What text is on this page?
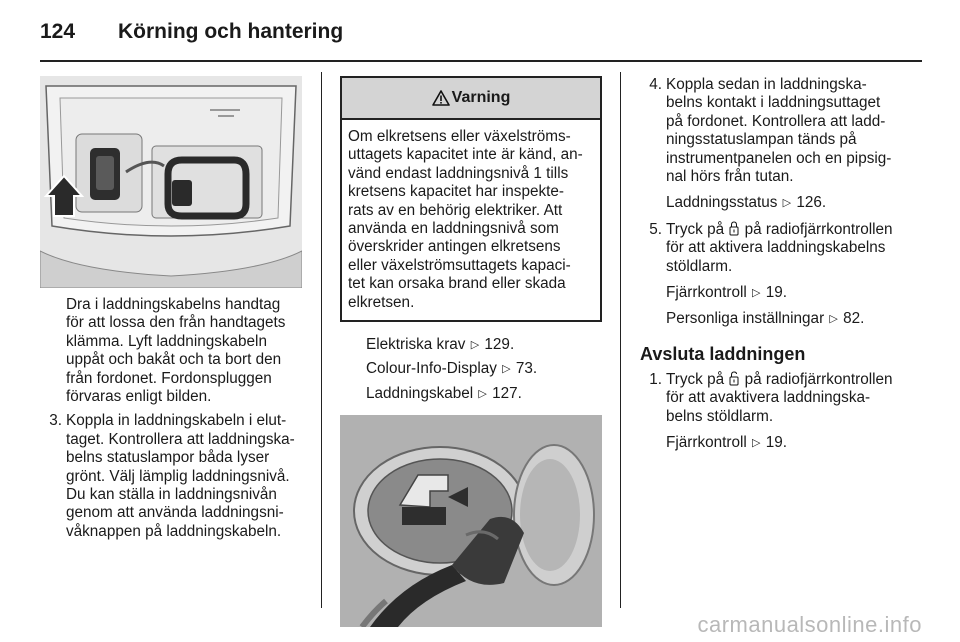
124	Körning och hantering
Dra i laddningskabelns handtag
för att lossa den från handtagets
klämma. Lyft laddningskabeln
uppåt och bakåt och ta bort den
från fordonet. Fordonspluggen
förvaras enligt bilden.
3. Koppla in laddningskabeln i elut-
taget. Kontrollera att laddningska-
belns statuslampor båda lyser
grönt. Välj lämplig laddningsnivå.
Du kan ställa in laddningsnivån
genom att använda laddningsni-
våknappen på laddningskabeln.
Varning
Om elkretsens eller växelströms-
uttagets kapacitet inte är känd, an-
vänd endast laddningsnivå 1 tills
kretsens kapacitet har inspekte-
rats av en behörig elektriker. Att
använda en laddningsnivå som
överskrider antingen elkretsens
eller växelströmsuttagets kapaci-
tet kan orsaka brand eller skada
elkretsen.
Elektriska krav ▷ 129.
Colour-Info-Display ▷ 73.
Laddningskabel ▷ 127.
4. Koppla sedan in laddningska-
belns kontakt i laddningsuttaget
på fordonet. Kontrollera att ladd-
ningsstatuslampan tänds på
instrumentpanelen och en pipsig-
nal hörs från tutan.
Laddningsstatus ▷ 126.
5. Tryck på på radiofjärrkontrollen
för att aktivera laddningskabelns
stöldlarm.
Fjärrkontroll ▷ 19.
Personliga inställningar ▷ 82.
Avsluta laddningen
1. Tryck på på radiofjärrkontrollen
för att avaktivera laddningska-
belns stöldlarm.
Fjärrkontroll ▷ 19.
carmanualsonline.info
